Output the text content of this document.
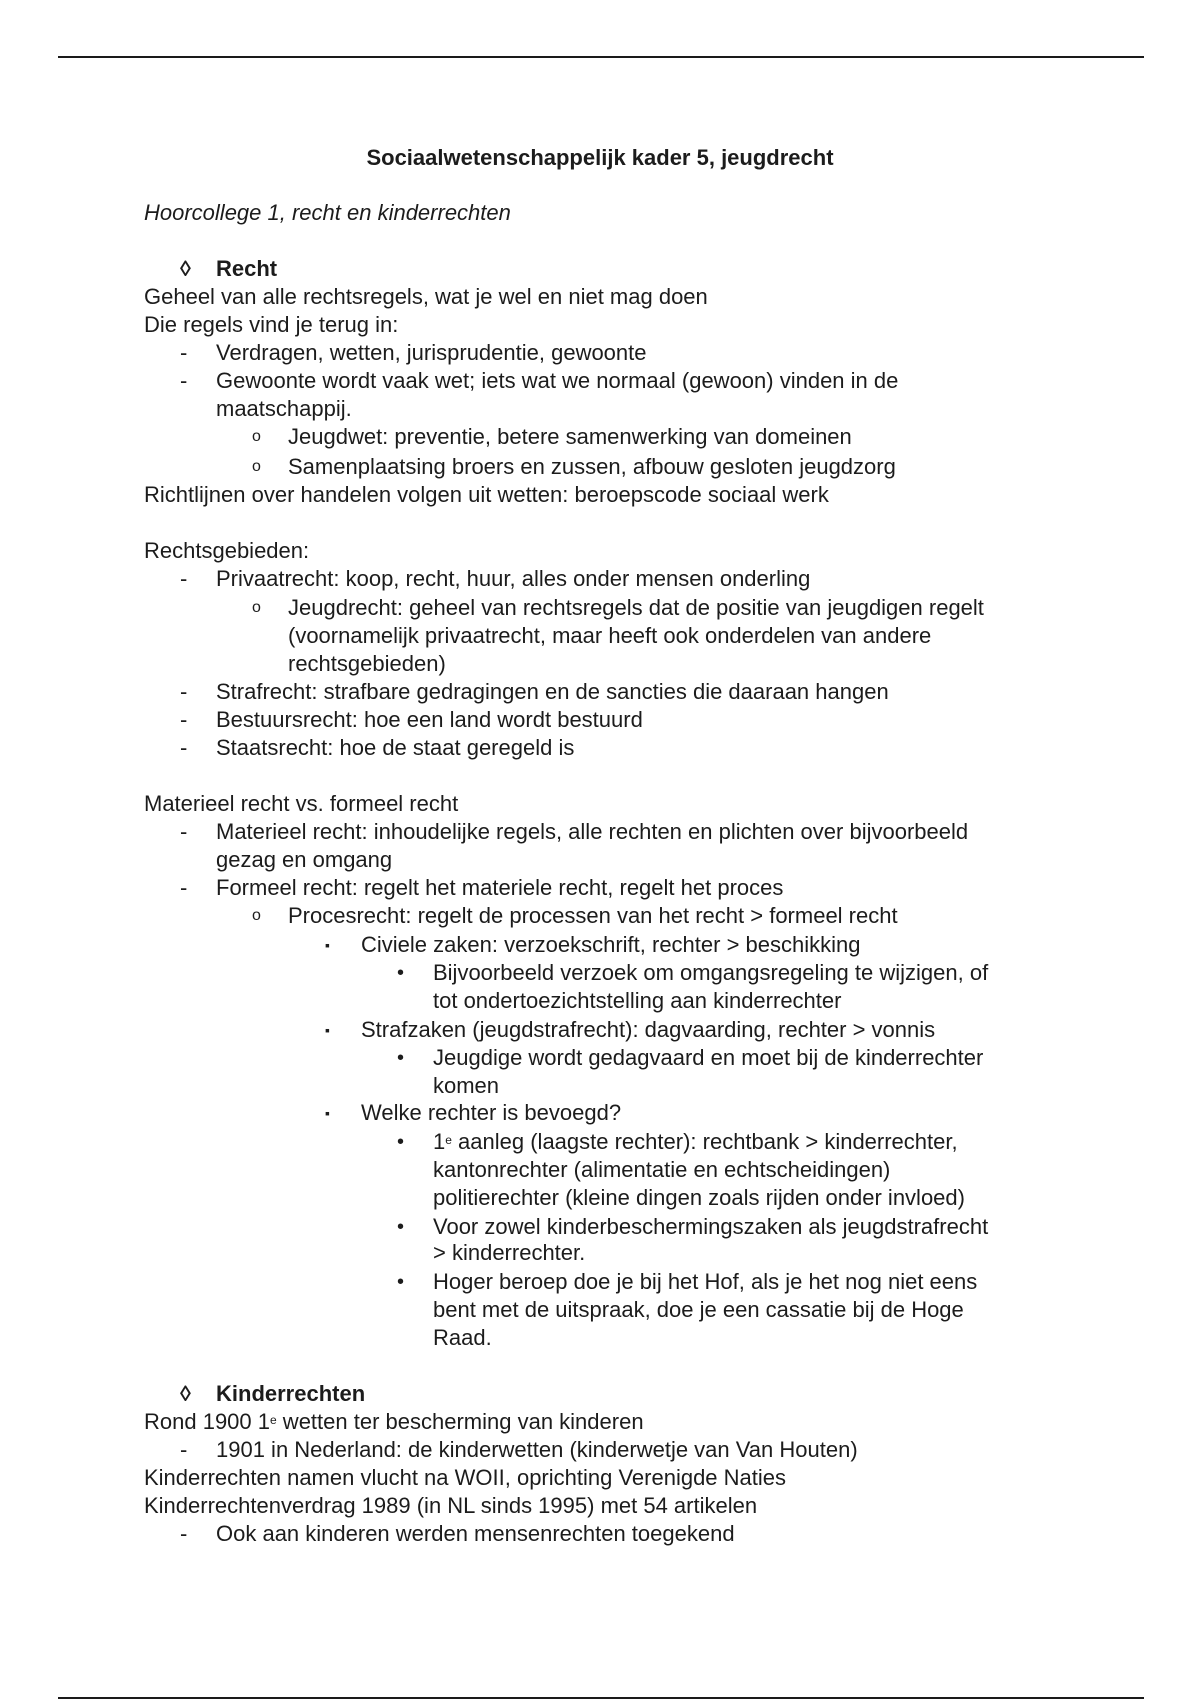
Sociaalwetenschappelijk kader 5, jeugdrecht
Hoorcollege 1, recht en kinderrechten
◊ Recht
Geheel van alle rechtsregels, wat je wel en niet mag doen
Die regels vind je terug in:
- Verdragen, wetten, jurisprudentie, gewoonte
- Gewoonte wordt vaak wet; iets wat we normaal (gewoon) vinden in de
maatschappij.
o Jeugdwet: preventie, betere samenwerking van domeinen
o Samenplaatsing broers en zussen, afbouw gesloten jeugdzorg
Richtlijnen over handelen volgen uit wetten: beroepscode sociaal werk
Rechtsgebieden:
- Privaatrecht: koop, recht, huur, alles onder mensen onderling
o Jeugdrecht: geheel van rechtsregels dat de positie van jeugdigen regelt
(voornamelijk privaatrecht, maar heeft ook onderdelen van andere
rechtsgebieden)
- Strafrecht: strafbare gedragingen en de sancties die daaraan hangen
- Bestuursrecht: hoe een land wordt bestuurd
- Staatsrecht: hoe de staat geregeld is
Materieel recht vs. formeel recht
- Materieel recht: inhoudelijke regels, alle rechten en plichten over bijvoorbeeld
gezag en omgang
- Formeel recht: regelt het materiele recht, regelt het proces
o Procesrecht: regelt de processen van het recht > formeel recht
▪ Civiele zaken: verzoekschrift, rechter > beschikking
• Bijvoorbeeld verzoek om omgangsregeling te wijzigen, of
tot ondertoezichtstelling aan kinderrechter
▪ Strafzaken (jeugdstrafrecht): dagvaarding, rechter > vonnis
• Jeugdige wordt gedagvaard en moet bij de kinderrechter
komen
▪ Welke rechter is bevoegd?
• 1e aanleg (laagste rechter): rechtbank > kinderrechter,
kantonrechter (alimentatie en echtscheidingen)
politierechter (kleine dingen zoals rijden onder invloed)
• Voor zowel kinderbeschermingszaken als jeugdstrafrecht
> kinderrechter.
• Hoger beroep doe je bij het Hof, als je het nog niet eens
bent met de uitspraak, doe je een cassatie bij de Hoge
Raad.
◊ Kinderrechten
Rond 1900 1e wetten ter bescherming van kinderen
- 1901 in Nederland: de kinderwetten (kinderwetje van Van Houten)
Kinderrechten namen vlucht na WOII, oprichting Verenigde Naties
Kinderrechtenverdrag 1989 (in NL sinds 1995) met 54 artikelen
- Ook aan kinderen werden mensenrechten toegekend
